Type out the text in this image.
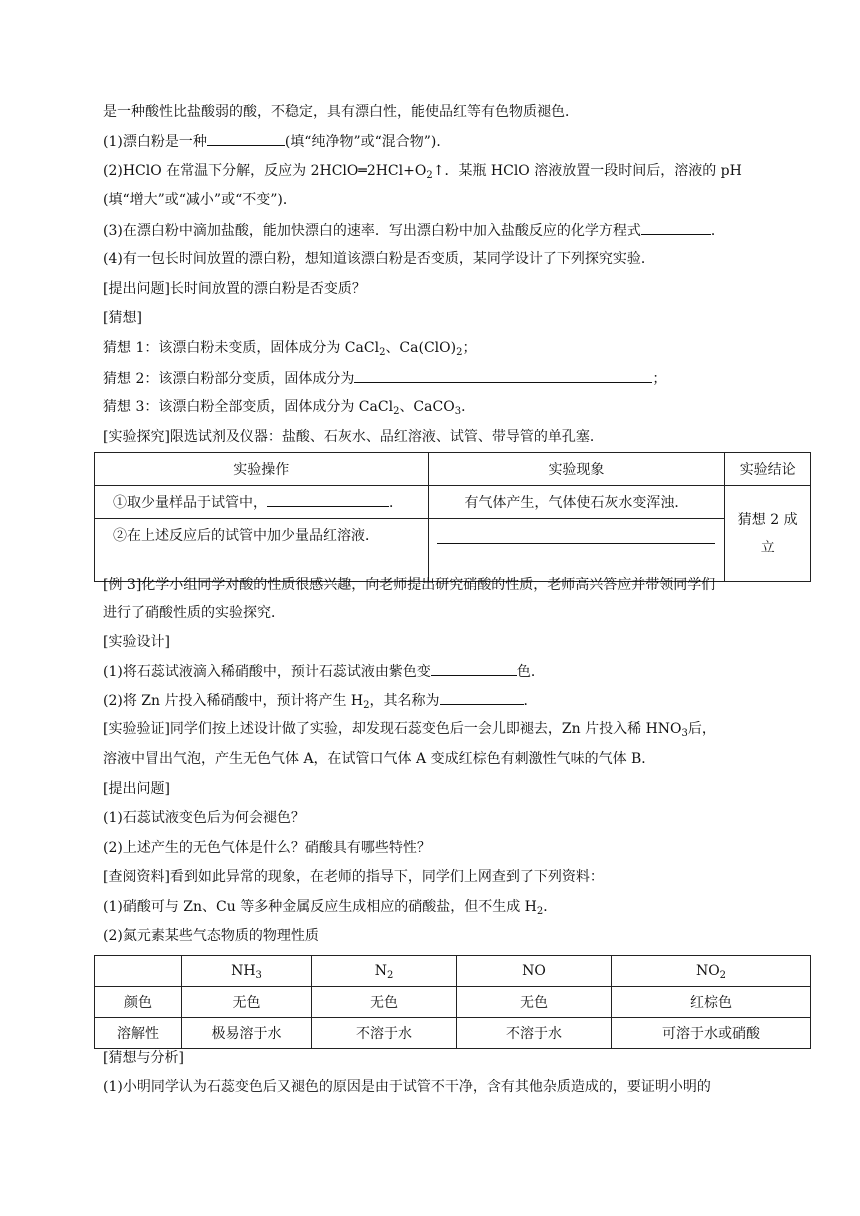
是一种酸性比盐酸弱的酸，不稳定，具有漂白性，能使品红等有色物质褪色．
(1)漂白粉是一种	(填“纯净物”或“混合物”)．
(2)HClO 在常温下分解，反应为 $2HClO═2HCl+O_2↑$．某瓶 HClO 溶液放置一段时间后，溶液的 pH
(填“增大”或“减小”或“不变”)．
(3)在漂白粉中滴加盐酸，能加快漂白的速率．写出漂白粉中加入盐酸反应的化学方程式	．
(4)有一包长时间放置的漂白粉，想知道该漂白粉是否变质，某同学设计了下列探究实验．
[提出问题]长时间放置的漂白粉是否变质？
[猜想]
猜想 1：该漂白粉未变质，固体成分为 CaCl$_2$、$Ca(ClO)_2$；
猜想 2：该漂白粉部分变质，固体成分为	；
猜想 3：该漂白粉全部变质，固体成分为 CaCl$_2$、CaCO$_3$．
[实验探究]限选试剂及仪器：盐酸、石灰水、品红溶液、试管、带导管的单孔塞．
实验操作	实验现象	实验结论
①取少量样品于试管中， ．	有气体产生，气体使石灰水变浑浊．	猜想 2 成立
②在上述反应后的试管中加少量品红溶液．		
[例 3]化学小组同学对酸的性质很感兴趣，向老师提出研究硝酸的性质，老师高兴答应并带领同学们
进行了硝酸性质的实验探究．
[实验设计]
(1)将石蕊试液滴入稀硝酸中，预计石蕊试液由紫色变	色．
(2)将 Zn 片投入稀硝酸中，预计将产生 $H_2$，其名称为	．
[实验验证]同学们按上述设计做了实验，却发现石蕊变色后一会儿即褪去，Zn 片投入稀 $HNO_3$后，
溶液中冒出气泡，产生无色气体 A，在试管口气体 A 变成红棕色有刺激性气味的气体 B．
[提出问题]
(1)石蕊试液变色后为何会褪色？
(2)上述产生的无色气体是什么？硝酸具有哪些特性？
[查阅资料]看到如此异常的现象，在老师的指导下，同学们上网查到了下列资料：
(1)硝酸可与 Zn、Cu 等多种金属反应生成相应的硝酸盐，但不生成 $H_2$．
(2)氮元素某些气态物质的物理性质
	$NH_3$	$N_2$	NO	$NO_2$
颜色	无色	无色	无色	红棕色
溶解性	极易溶于水	不溶于水	不溶于水	可溶于水或硝酸
[猜想与分析]
(1)小明同学认为石蕊变色后又褪色的原因是由于试管不干净，含有其他杂质造成的，要证明小明的
